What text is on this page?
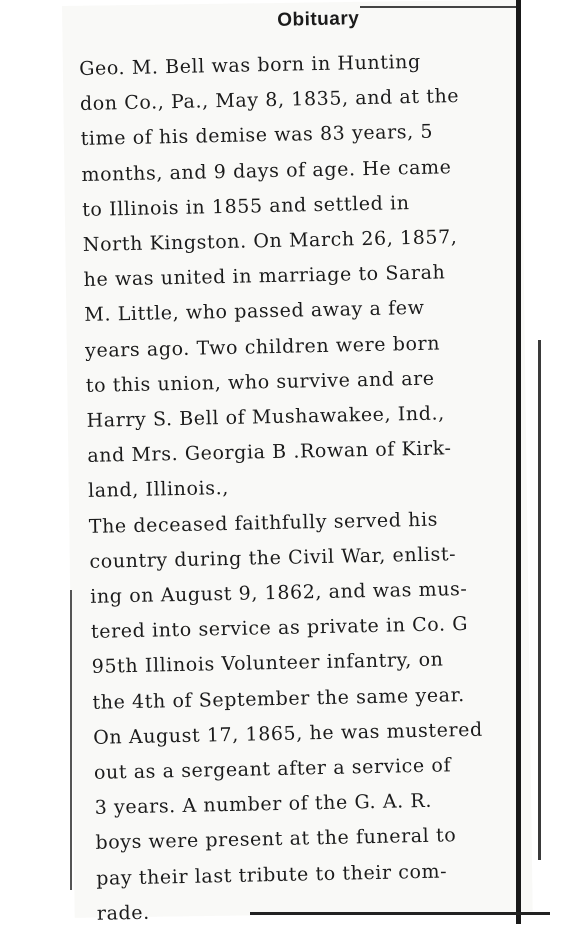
Obituary
Geo. M. Bell was born in Hunting
don Co., Pa., May 8, 1835, and at the
time of his demise was 83 years, 5
months, and 9 days of age. He came
to Illinois in 1855 and settled in
North Kingston. On March 26, 1857,
he was united in marriage to Sarah
M. Little, who passed away a few
years ago. Two children were born
to this union, who survive and are
Harry S. Bell of Mushawakee, Ind.,
and Mrs. Georgia B .Rowan of Kirk-
land, Illinois.,
The deceased faithfully served his
country during the Civil War, enlist-
ing on August 9, 1862, and was mus-
tered into service as private in Co. G
95th Illinois Volunteer infantry, on
the 4th of September the same year.
On August 17, 1865, he was mustered
out as a sergeant after a service of
3 years. A number of the G. A. R.
boys were present at the funeral to
pay their last tribute to their com-
rade.
